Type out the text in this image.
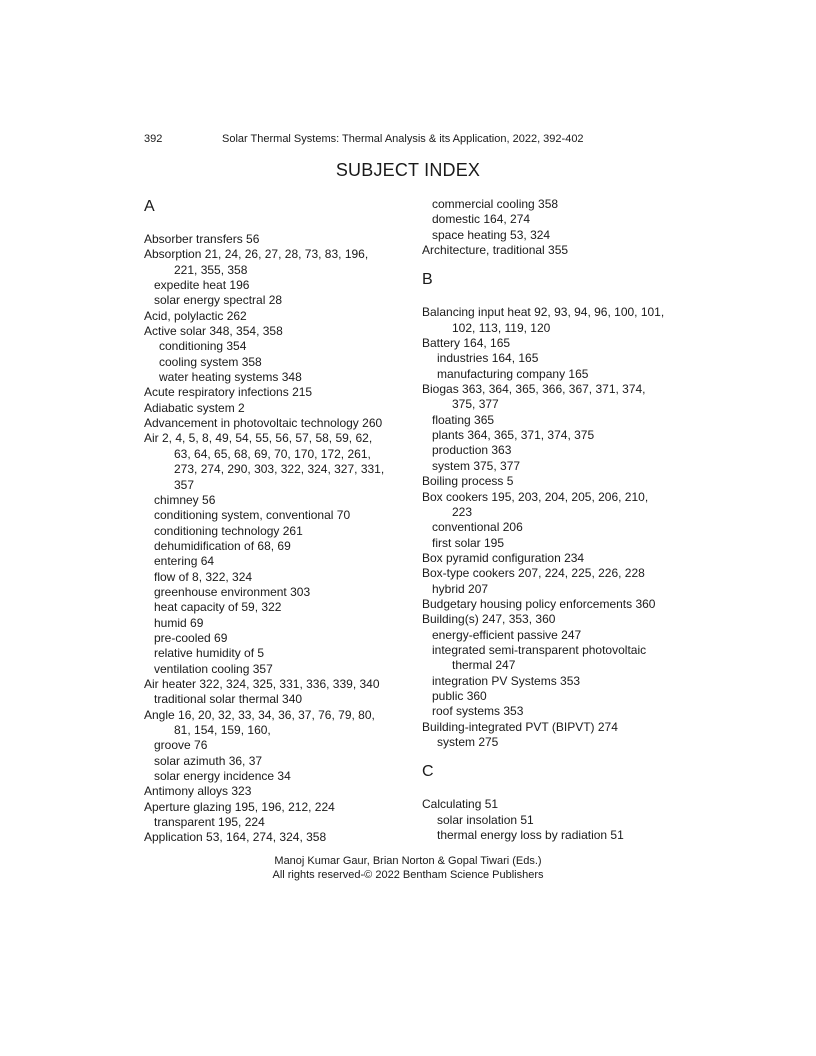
392	Solar Thermal Systems: Thermal Analysis & its Application, 2022, 392-402
SUBJECT INDEX

A

Absorber transfers 56
Absorption 21, 24, 26, 27, 28, 73, 83, 196,
221, 355, 358
expedite heat 196
solar energy spectral 28
Acid, polylactic 262
Active solar 348, 354, 358
conditioning 354
cooling system 358
water heating systems 348
Acute respiratory infections 215
Adiabatic system 2
Advancement in photovoltaic technology 260
Air 2, 4, 5, 8, 49, 54, 55, 56, 57, 58, 59, 62,
63, 64, 65, 68, 69, 70, 170, 172, 261,
273, 274, 290, 303, 322, 324, 327, 331,
357
chimney 56
conditioning system, conventional 70
conditioning technology 261
dehumidification of 68, 69
entering 64
flow of 8, 322, 324
greenhouse environment 303
heat capacity of 59, 322
humid 69
pre-cooled 69
relative humidity of 5
ventilation cooling 357
Air heater 322, 324, 325, 331, 336, 339, 340
traditional solar thermal 340
Angle 16, 20, 32, 33, 34, 36, 37, 76, 79, 80,
81, 154, 159, 160,
groove 76
solar azimuth 36, 37
solar energy incidence 34
Antimony alloys 323
Aperture glazing 195, 196, 212, 224
transparent 195, 224
Application 53, 164, 274, 324, 358
commercial cooling 358
domestic 164, 274
space heating 53, 324
Architecture, traditional 355

B

Balancing input heat 92, 93, 94, 96, 100, 101,
102, 113, 119, 120
Battery 164, 165
industries 164, 165
manufacturing company 165
Biogas 363, 364, 365, 366, 367, 371, 374,
375, 377
floating 365
plants 364, 365, 371, 374, 375
production 363
system 375, 377
Boiling process 5
Box cookers 195, 203, 204, 205, 206, 210,
223
conventional 206
first solar 195
Box pyramid configuration 234
Box-type cookers 207, 224, 225, 226, 228
hybrid 207
Budgetary housing policy enforcements 360
Building(s) 247, 353, 360
energy-efficient passive 247
integrated semi-transparent photovoltaic
thermal 247
integration PV Systems 353
public 360
roof systems 353
Building-integrated PVT (BIPVT) 274
system 275

C

Calculating 51
solar insolation 51
thermal energy loss by radiation 51
Manoj Kumar Gaur, Brian Norton & Gopal Tiwari (Eds.)
All rights reserved-© 2022 Bentham Science Publishers
